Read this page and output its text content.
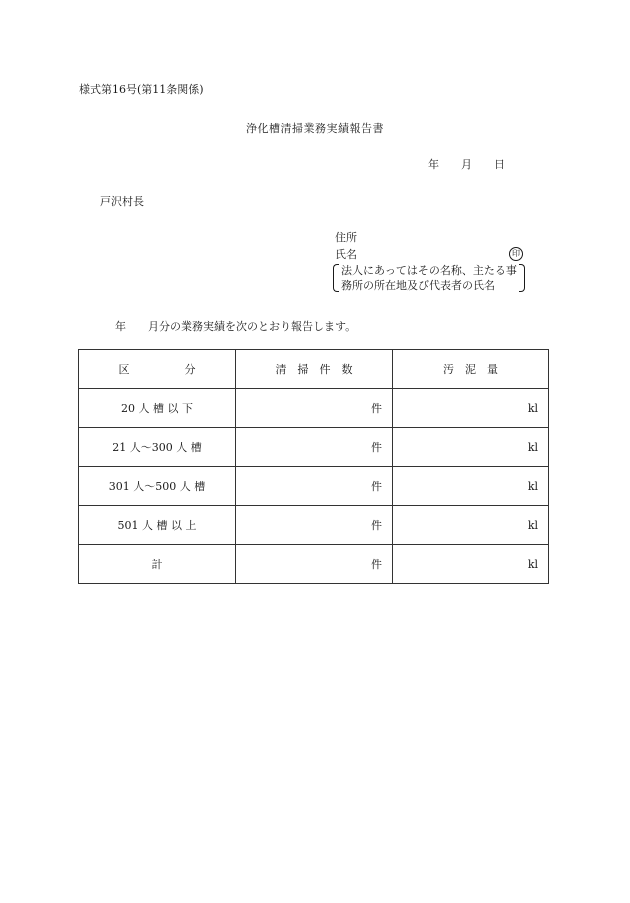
様式第16号(第11条関係)
浄化槽清掃業務実績報告書
年 月 日
戸沢村長
住所
氏名	印
法人にあってはその名称、主たる事
務所の所在地及び代表者の氏名
年 月分の業務実績を次のとおり報告します。
区　　　　　分	清　掃　件　数	汚　泥　量
20 人 槽 以 下	件	kl
21 人～300 人 槽	件	kl
301 人～500 人 槽	件	kl
501 人 槽 以 上	件	kl
計	件	kl
